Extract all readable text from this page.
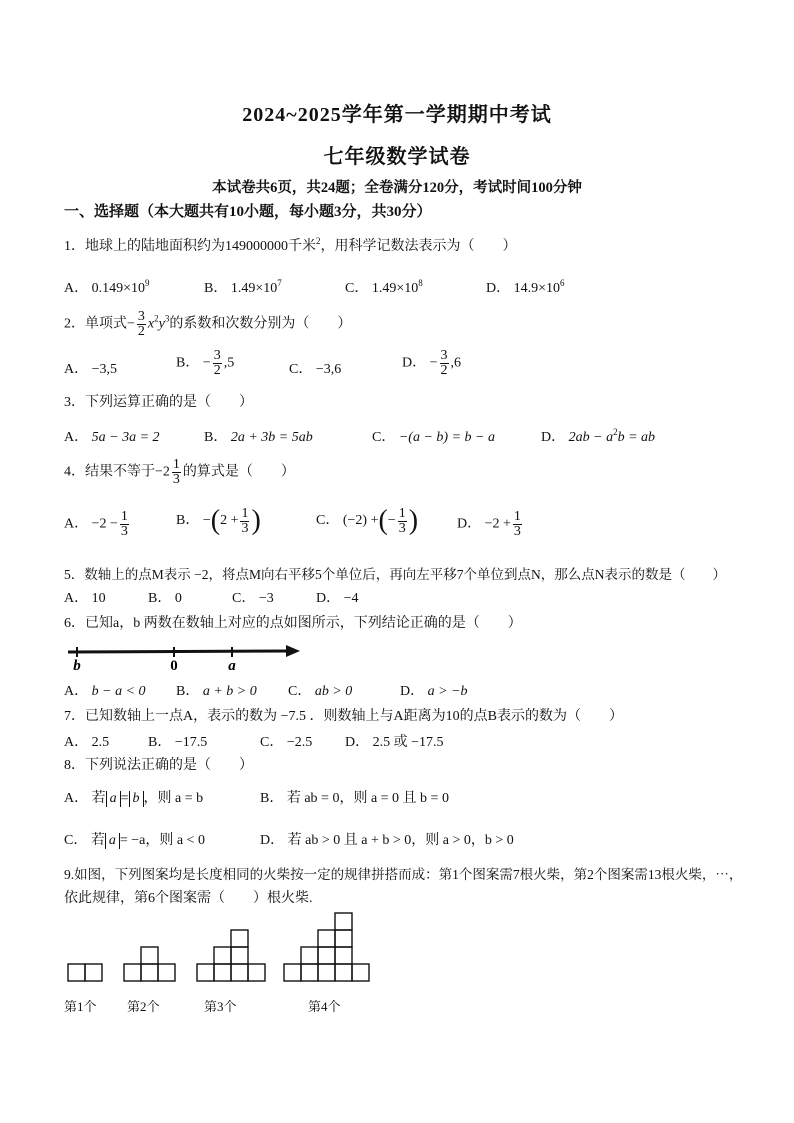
2024~2025学年第一学期期中考试
七年级数学试卷
本试卷共6页，共24题；全卷满分120分，考试时间100分钟
一、选择题（本大题共有10小题，每小题3分，共30分）
1．地球上的陆地面积约为149000000千米$^2$，用科学记数法表示为（　　）
A． $0.149\times 10^9$	B． $1.49\times 10^7$	C． $1.49\times 10^8$	D． $14.9\times 10^6$
2．单项式− $\frac{3}{2} x^2y^3$的系数和次数分别为（　　）
A． −3,5	B． − $\frac{3}{2} ,5$	C． −3,6	D． − $\frac{3}{2} ,6$
3．下列运算正确的是（　　）
A． 5a − 3a = 2	B． 2a + 3b = 5ab	C． −(a − b) = b − a	D． $2ab - a^2b$ = ab
4．结果不等于$-2 \frac{1}{3}$ 的算式是（　　）
A． $-2 - \frac{1}{3}$	B． $-(2 + \frac{1}{3}$ )	C． (−2) +(− $\frac{1}{3}$ )	D． $-2 + \frac{1}{3}$
5．数轴上的点M表示 −2，将点M向右平移5个单位后，再向左平移7个单位到点N，那么点N表示的数是（　　）
A． 10	B． 0	C． −3	D． −4
6．已知a，b 两数在数轴上对应的点如图所示，下列结论正确的是（　　）
b	0	a
A． b − a < 0 B． a + b > 0 C． ab > 0	D． a > −b
7．已知数轴上一点A，表示的数为 −7.5 ．则数轴上与A距离为10的点B表示的数为（　　）
A． 2.5	B． −17.5	C． −2.5 D． 2.5 或 −17.5
8．下列说法正确的是（　　）
A． 若 a = b ，则 a = b	B． 若 ab = 0，则 a = 0 且 b = 0
C． 若 a = −a，则 a < 0	D． 若 ab > 0 且 a + b > 0，则 a > 0，b > 0
9.如图，下列图案均是长度相同的火柴按一定的规律拼搭而成：第1个图案需7根火柴，第2个图案需13根火柴，⋯，
依此规律，第6个图案需（　　）根火柴.
第1个 第2个	第3个	第4个
